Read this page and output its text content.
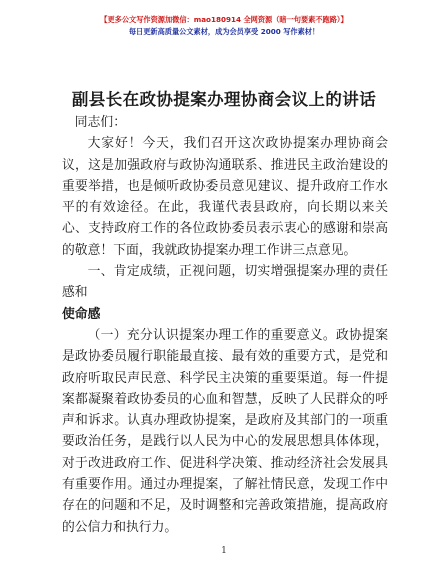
【更多公文写作资源加微信：mao180914 全网资源（暗一句要素不跑路）】
每日更新高质量公文素材，成为会员享受 2000 写作素材！
副县长在政协提案办理协商会议上的讲话

同志们：

大家好！今天，我们召开这次政协提案办理协商会议，这是加强政府与政协沟通联系、推进民主政治建设的重要举措，也是倾听政协委员意见建议、提升政府工作水平的有效途径。在此，我谨代表县政府，向长期以来关心、支持政府工作的各位政协委员表示衷心的感谢和崇高的敬意！下面，我就政协提案办理工作讲三点意见。

一、肯定成绩，正视问题，切实增强提案办理的责任感和

使命感

（一）充分认识提案办理工作的重要意义。政协提案是政协委员履行职能最直接、最有效的重要方式，是党和政府听取民声民意、科学民主决策的重要渠道。每一件提案都凝聚着政协委员的心血和智慧，反映了人民群众的呼声和诉求。认真办理政协提案，是政府及其部门的一项重要政治任务，是践行以人民为中心的发展思想具体体现，对于改进政府工作、促进科学决策、推动经济社会发展具有重要作用。通过办理提案，了解社情民意，发现工作中存在的问题和不足，及时调整和完善政策措施，提高政府的公信力和执行力。

1
